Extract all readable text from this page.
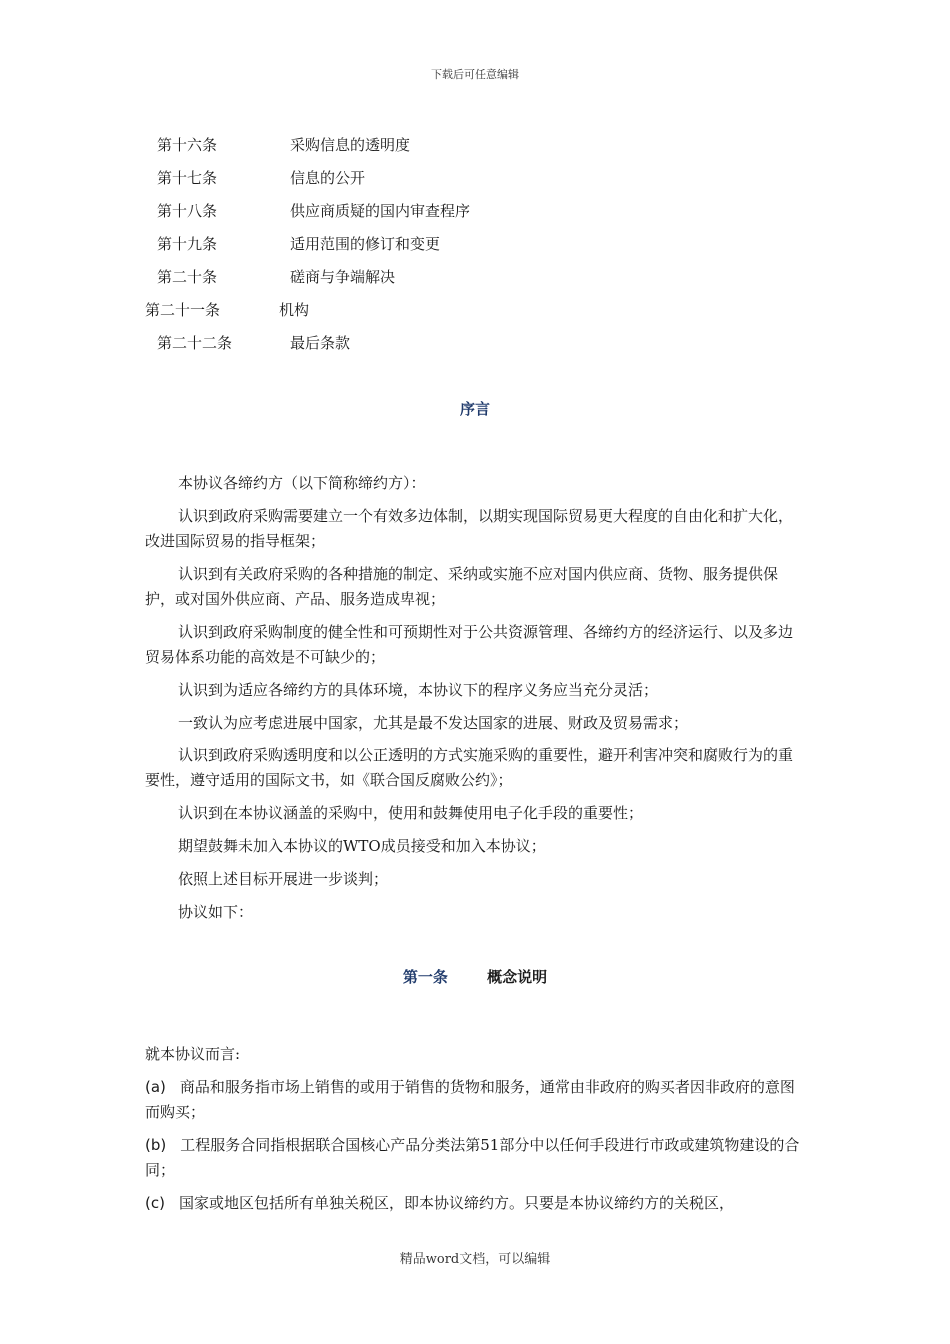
下载后可任意编辑
第十六条	采购信息的透明度
第十七条	信息的公开
第十八条	供应商质疑的国内审查程序
第十九条	适用范围的修订和变更
第二十条	磋商与争端解决
第二十一条	机构
第二十二条	最后条款
序言

本协议各缔约方（以下简称缔约方）：

认识到政府采购需要建立一个有效多边体制，以期实现国际贸易更大程度的自由化和扩大化，改进国际贸易的指导框架；

认识到有关政府采购的各种措施的制定、采纳或实施不应对国内供应商、货物、服务提供保护，或对国外供应商、产品、服务造成卑视；

认识到政府采购制度的健全性和可预期性对于公共资源管理、各缔约方的经济运行、以及多边贸易体系功能的高效是不可缺少的；

认识到为适应各缔约方的具体环境，本协议下的程序义务应当充分灵活；

一致认为应考虑进展中国家，尤其是最不发达国家的进展、财政及贸易需求；

认识到政府采购透明度和以公正透明的方式实施采购的重要性，避开利害冲突和腐败行为的重要性，遵守适用的国际文书，如《联合国反腐败公约》；

认识到在本协议涵盖的采购中，使用和鼓舞使用电子化手段的重要性；

期望鼓舞未加入本协议的WTO成员接受和加入本协议；

依照上述目标开展进一步谈判；

协议如下：

第一条	概念说明

就本协议而言:

(a) 商品和服务指市场上销售的或用于销售的货物和服务，通常由非政府的购买者因非政府的意图而购买；

(b) 工程服务合同指根据联合国核心产品分类法第51部分中以任何手段进行市政或建筑物建设的合同；

(c) 国家或地区包括所有单独关税区，即本协议缔约方。只要是本协议缔约方的关税区，

精品word文档，可以编辑
